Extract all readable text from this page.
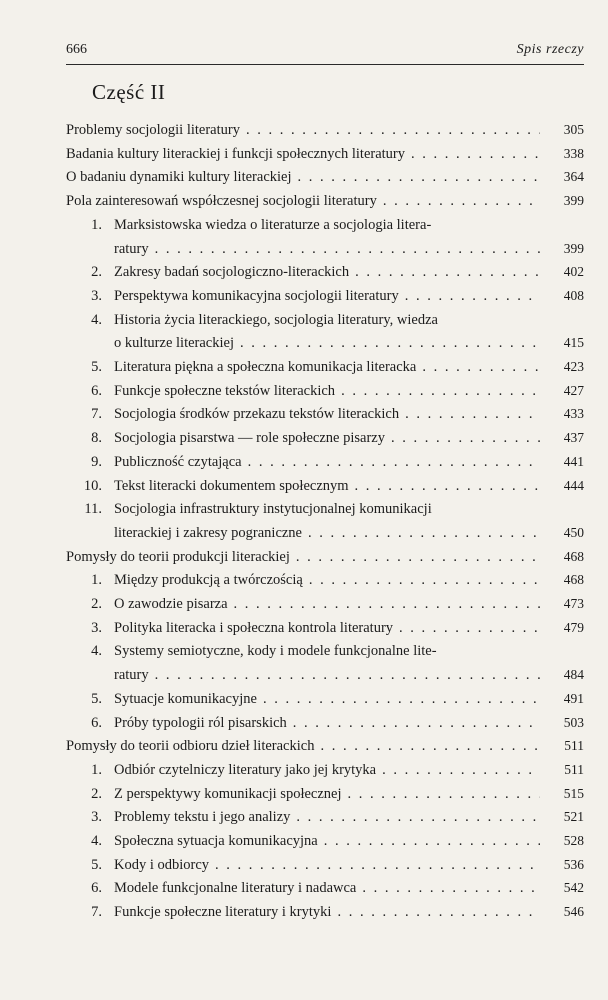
666	Spis rzeczy
Część II
Problemy socjologii literatury . . .	305
Badania kultury literackiej i funkcji społecznych literatury . . .	338
O badaniu dynamiki kultury literackiej . . .	364
Pola zainteresowań współczesnej socjologii literatury . . .	399
1. Marksistowska wiedza o literaturze a socjologia litera-
ratury . . .	399
2. Zakresy badań socjologiczno-literackich . . .	402
3. Perspektywa komunikacyjna socjologii literatury . . .	408
4. Historia życia literackiego, socjologia literatury, wiedza
o kulturze literackiej . . .	415
5. Literatura piękna a społeczna komunikacja literacka . . .	423
6. Funkcje społeczne tekstów literackich . . .	427
7. Socjologia środków przekazu tekstów literackich . . .	433
8. Socjologia pisarstwa — role społeczne pisarzy . . .	437
9. Publiczność czytająca . . .	441
10. Tekst literacki dokumentem społecznym . . .	444
11. Socjologia infrastruktury instytucjonalnej komunikacji
literackiej i zakresy pograniczne . . .	450
Pomysły do teorii produkcji literackiej . . .	468
1. Między produkcją a twórczością . . .	468
2. O zawodzie pisarza . . .	473
3. Polityka literacka i społeczna kontrola literatury . . .	479
4. Systemy semiotyczne, kody i modele funkcjonalne lite-
ratury . . .	484
5. Sytuacje komunikacyjne . . .	491
6. Próby typologii ról pisarskich . . .	503
Pomysły do teorii odbioru dzieł literackich . . .	511
1. Odbiór czytelniczy literatury jako jej krytyka . . .	511
2. Z perspektywy komunikacji społecznej . . .	515
3. Problemy tekstu i jego analizy . . .	521
4. Społeczna sytuacja komunikacyjna . . .	528
5. Kody i odbiorcy . . .	536
6. Modele funkcjonalne literatury i nadawca . . .	542
7. Funkcje społeczne literatury i krytyki . . .	546
